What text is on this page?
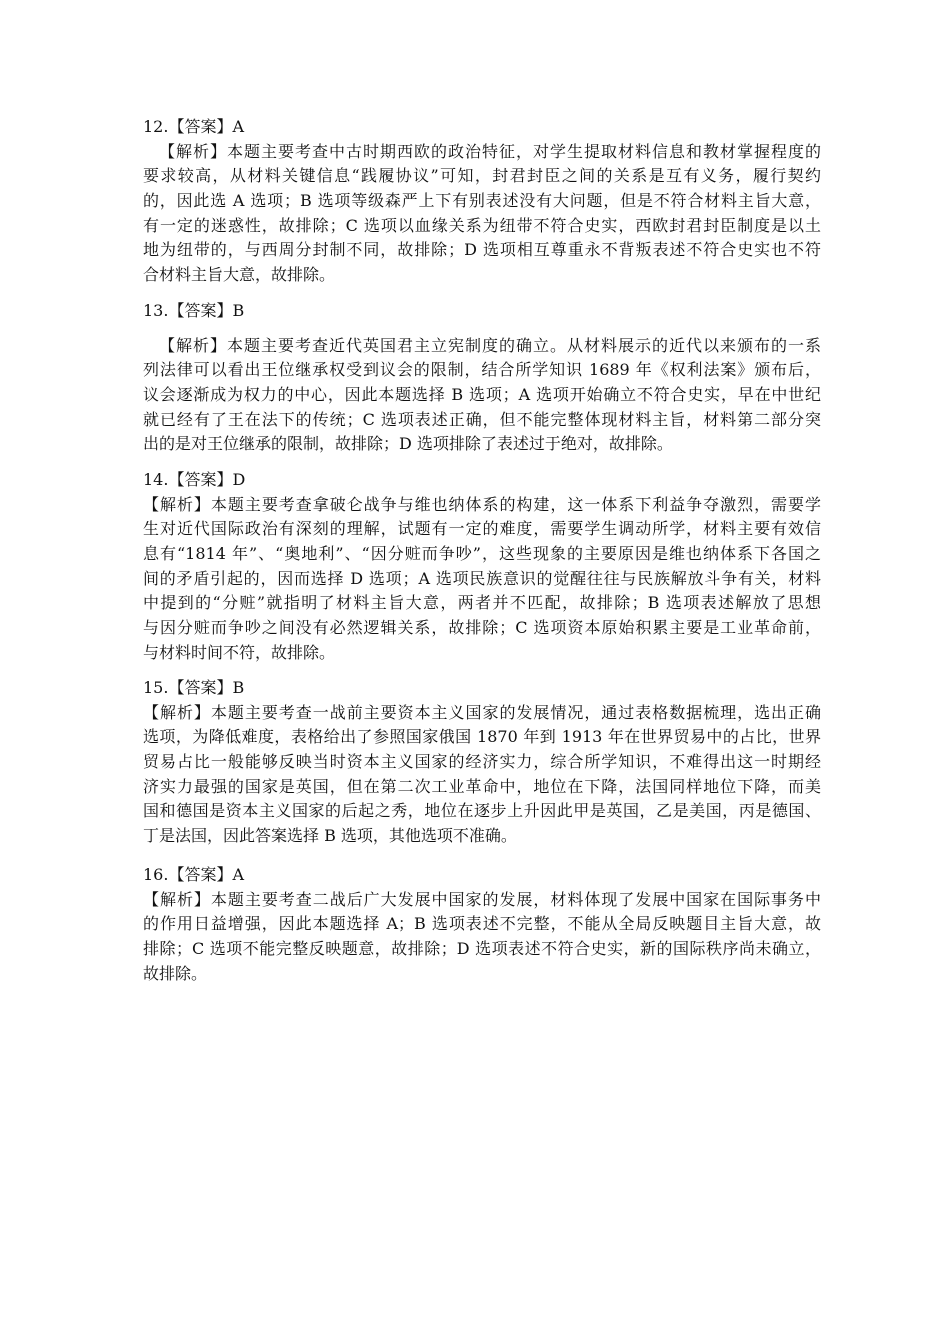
12.【答案】A
【解析】本题主要考查中古时期西欧的政治特征，对学生提取材料信息和教材掌握程度的
要求较高，从材料关键信息“践履协议”可知，封君封臣之间的关系是互有义务，履行契约
的，因此选 A 选项；B 选项等级森严上下有别表述没有大问题，但是不符合材料主旨大意，
有一定的迷惑性，故排除；C 选项以血缘关系为纽带不符合史实，西欧封君封臣制度是以土
地为纽带的，与西周分封制不同，故排除；D 选项相互尊重永不背叛表述不符合史实也不符
合材料主旨大意，故排除。
13.【答案】B
【解析】本题主要考查近代英国君主立宪制度的确立。从材料展示的近代以来颁布的一系
列法律可以看出王位继承权受到议会的限制，结合所学知识 1689 年《权利法案》颁布后，
议会逐渐成为权力的中心，因此本题选择 B 选项；A 选项开始确立不符合史实，早在中世纪
就已经有了王在法下的传统；C 选项表述正确，但不能完整体现材料主旨，材料第二部分突
出的是对王位继承的限制，故排除；D 选项排除了表述过于绝对，故排除。
14.【答案】D
【解析】本题主要考查拿破仑战争与维也纳体系的构建，这一体系下利益争夺激烈，需要学
生对近代国际政治有深刻的理解，试题有一定的难度，需要学生调动所学，材料主要有效信
息有“1814 年”、“奥地利”、“因分赃而争吵”，这些现象的主要原因是维也纳体系下各国之
间的矛盾引起的，因而选择 D 选项；A 选项民族意识的觉醒往往与民族解放斗争有关，材料
中提到的“分赃”就指明了材料主旨大意，两者并不匹配，故排除；B 选项表述解放了思想
与因分赃而争吵之间没有必然逻辑关系，故排除；C 选项资本原始积累主要是工业革命前，
与材料时间不符，故排除。
15.【答案】B
【解析】本题主要考查一战前主要资本主义国家的发展情况，通过表格数据梳理，选出正确
选项，为降低难度，表格给出了参照国家俄国 1870 年到 1913 年在世界贸易中的占比，世界
贸易占比一般能够反映当时资本主义国家的经济实力，综合所学知识，不难得出这一时期经
济实力最强的国家是英国，但在第二次工业革命中，地位在下降，法国同样地位下降，而美
国和德国是资本主义国家的后起之秀，地位在逐步上升因此甲是英国，乙是美国，丙是德国、
丁是法国，因此答案选择 B 选项，其他选项不准确。
16.【答案】A
【解析】本题主要考查二战后广大发展中国家的发展，材料体现了发展中国家在国际事务中
的作用日益增强，因此本题选择 A；B 选项表述不完整，不能从全局反映题目主旨大意，故
排除；C 选项不能完整反映题意，故排除；D 选项表述不符合史实，新的国际秩序尚未确立，
故排除。
